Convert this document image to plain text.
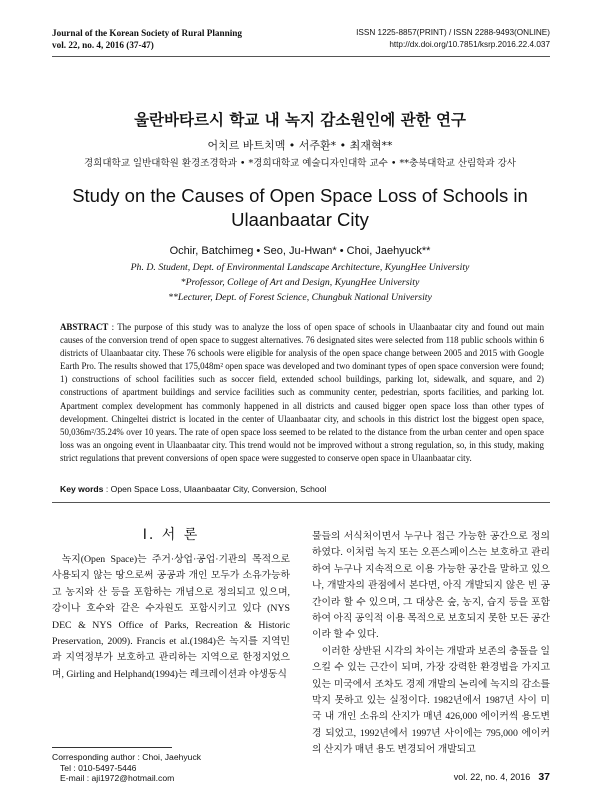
Journal of the Korean Society of Rural Planning
vol. 22, no. 4, 2016 (37-47)
ISSN 1225-8857(PRINT) / ISSN 2288-9493(ONLINE)
http://dx.doi.org/10.7851/ksrp.2016.22.4.037
울란바타르시 학교 내 녹지 감소원인에 관한 연구
어치르 바트치멕 • 서주환* • 최재혁**
경희대학교 일반대학원 환경조경학과 • *경희대학교 예술디자인대학 교수 • **충북대학교 산림학과 강사
Study on the Causes of Open Space Loss of Schools in
Ulaanbaatar City
Ochir, Batchimeg • Seo, Ju-Hwan* • Choi, Jaehyuck**
Ph. D. Student, Dept. of Environmental Landscape Architecture, KyungHee University
*Professor, College of Art and Design, KyungHee University
**Lecturer, Dept. of Forest Science, Chungbuk National University
ABSTRACT : The purpose of this study was to analyze the loss of open space of schools in Ulaanbaatar city and found out main causes of the conversion trend of open space to suggest alternatives. 76 designated sites were selected from 118 public schools within 6 districts of Ulaanbaatar city. These 76 schools were eligible for analysis of the open space change between 2005 and 2015 with Google Earth Pro. The results showed that 175,048m² open space was developed and two dominant types of open space conversion were found; 1) constructions of school facilities such as soccer field, extended school buildings, parking lot, sidewalk, and square, and 2) constructions of apartment buildings and service facilities such as community center, pedestrian, sports facilities, and parking lot. Apartment complex development has commonly happened in all districts and caused bigger open space loss than other types of development. Chingeltei district is located in the center of Ulaanbaatar city, and schools in this district lost the biggest open space, 50,036m²/35.24% over 10 years. The rate of open space loss seemed to be related to the distance from the urban center and open space loss was an ongoing event in Ulaanbaatar city. This trend would not be improved without a strong regulation, so, in this study, making strict regulations that prevent conversions of open space were suggested to conserve open space in Ulaanbaatar city.
Key words : Open Space Loss, Ulaanbaatar City, Conversion, School
I. 서 론

녹지(Open Space)는 주거·상업·공업·기관의 목적으로 사용되지 않는 땅으로써 공공과 개인 모두가 소유가능하고 농지와 산 등을 포함하는 개념으로 정의되고 있으며, 강이나 호수와 같은 수자원도 포함시키고 있다 (NYS DEC & NYS Office of Parks, Recreation & Historic Preservation, 2009). Francis et al.(1984)은 녹지를 지역민과 지역정부가 보호하고 관리하는 지역으로 한정지었으며, Girling and Helphand(1994)는 레크레이션과 야생동식

물들의 서식처이면서 누구나 접근 가능한 공간으로 정의하였다. 이처럼 녹지 또는 오픈스페이스는 보호하고 관리하여 누구나 지속적으로 이용 가능한 공간을 말하고 있으나, 개발자의 관점에서 본다면, 아직 개발되지 않은 빈 공간이라 할 수 있으며, 그 대상은 숲, 농지, 습지 등을 포함하여 아직 공익적 이용 목적으로 보호되지 못한 모든 공간이라 할 수 있다.

이러한 상반된 시각의 차이는 개발과 보존의 충돌을 일으킬 수 있는 근간이 되며, 가장 강력한 환경법을 가지고 있는 미국에서 조차도 경제 개발의 논리에 녹지의 감소를 막지 못하고 있는 실정이다. 1982년에서 1987년 사이 미국 내 개인 소유의 산지가 매년 426,000 에이커씩 용도변경 되었고, 1992년에서 1997년 사이에는 795,000 에이커의 산지가 매년 용도 변경되어 개발되고

Corresponding author : Choi, Jaehyuck
Tel : 010-5497-5446
E-mail : aji1972@hotmail.com	vol. 22, no. 4, 2016 37
